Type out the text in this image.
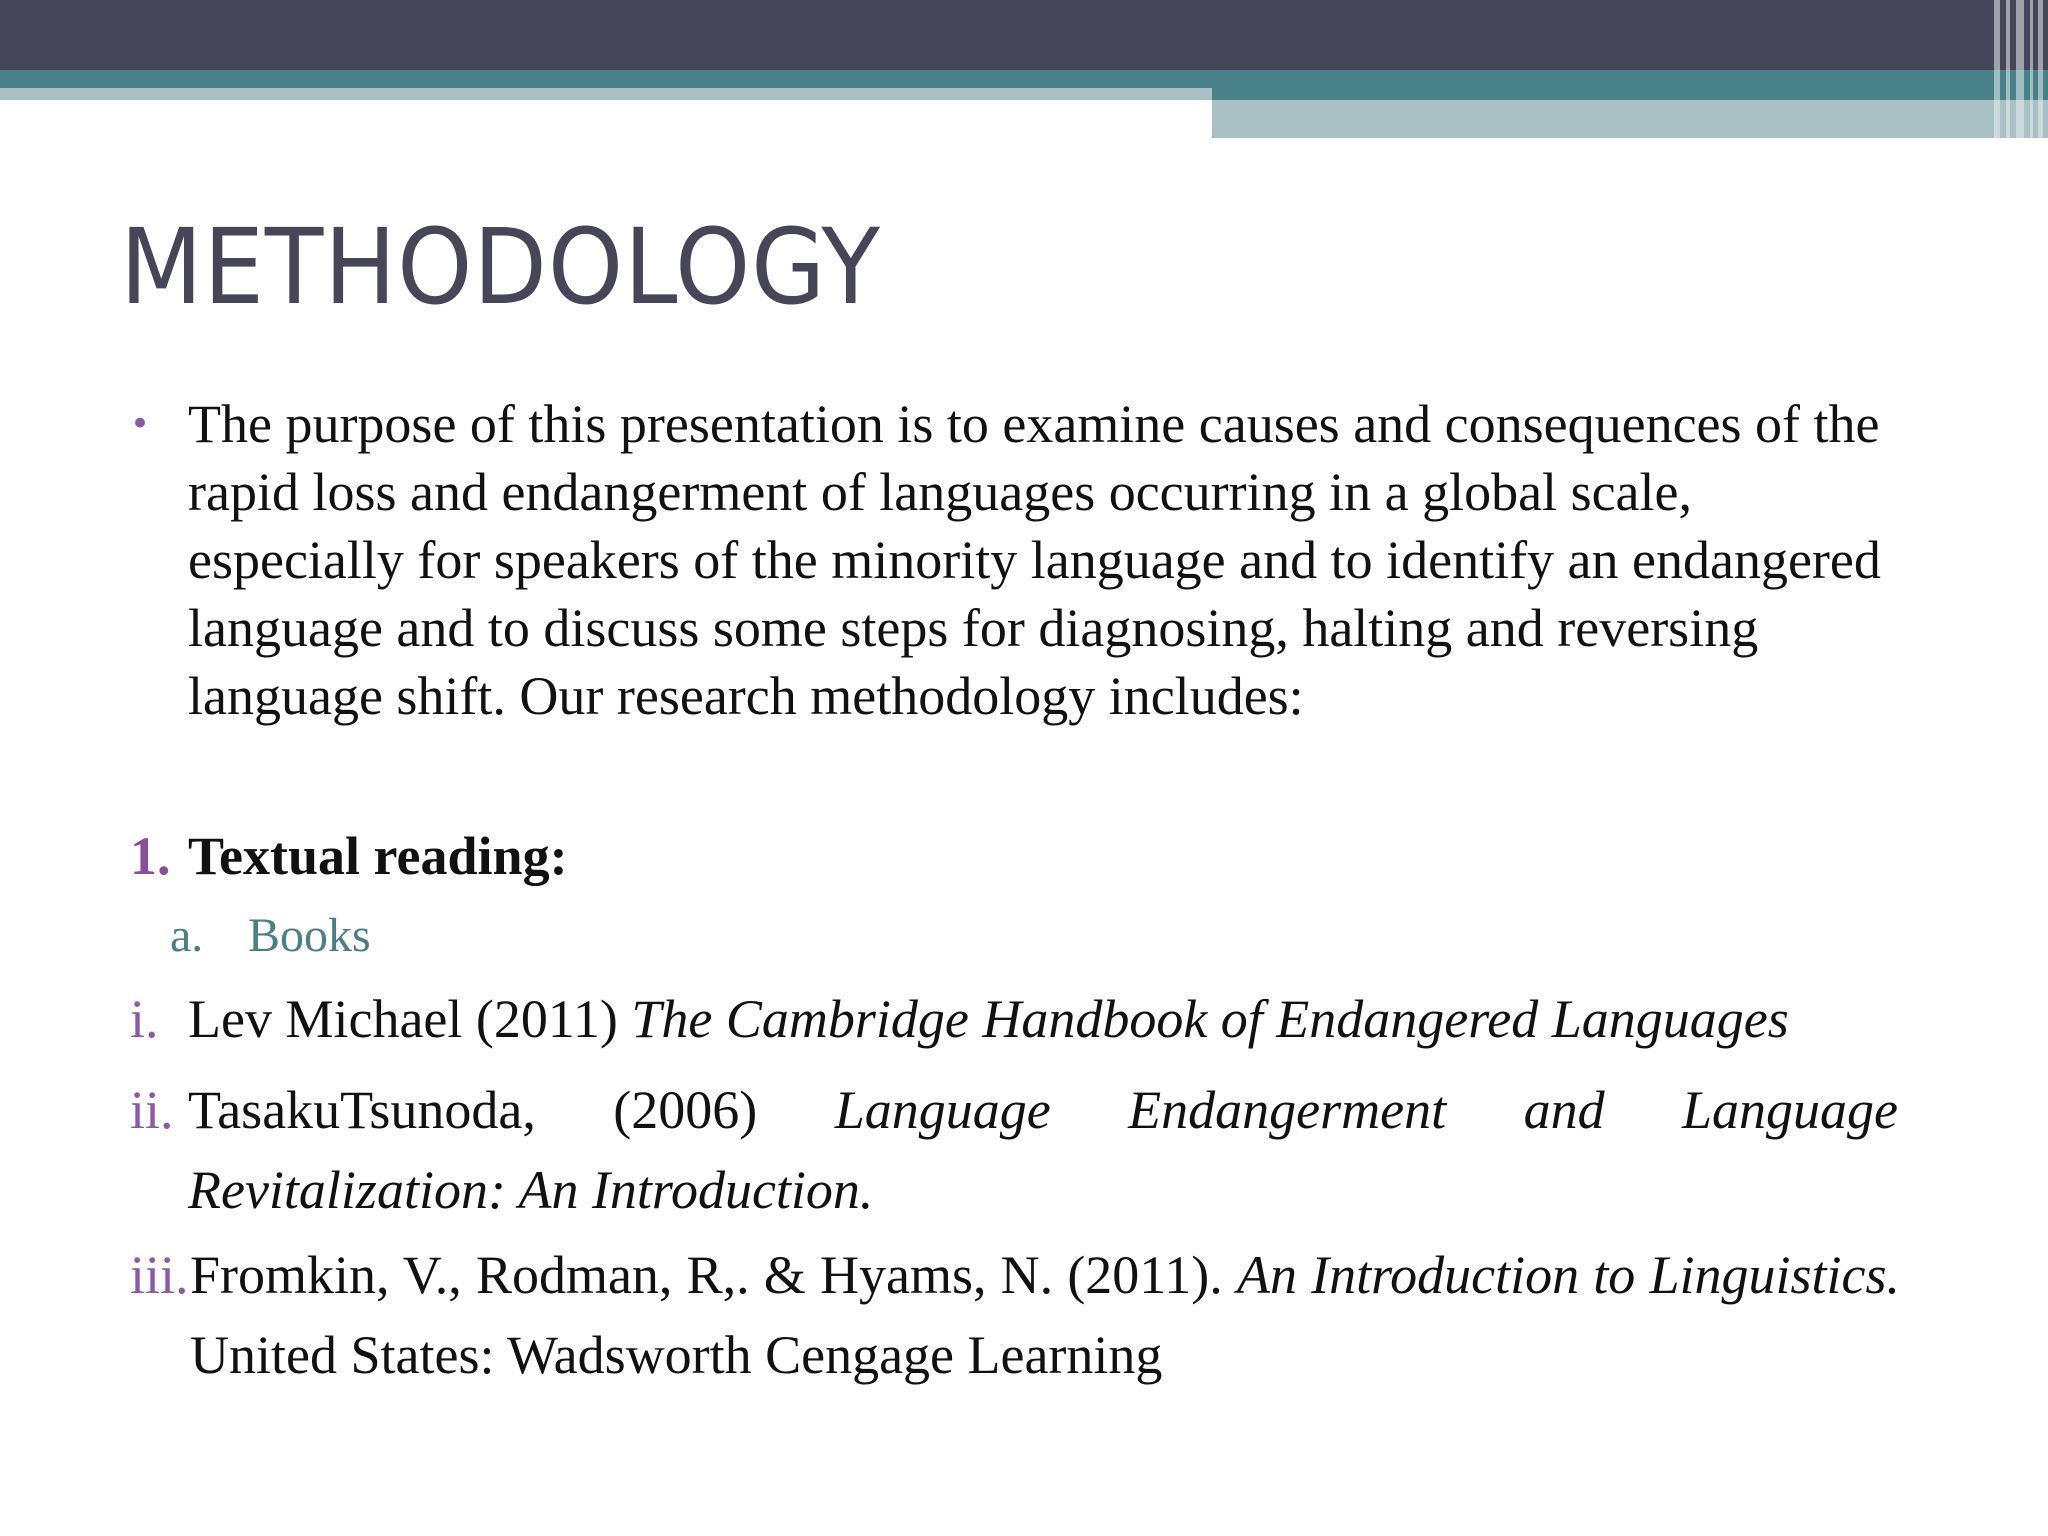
METHODOLOGY
• The purpose of this presentation is to examine causes and consequences of the rapid loss and endangerment of languages occurring in a global scale, especially for speakers of the minority language and to identify an endangered language and to discuss some steps for diagnosing, halting and reversing language shift. Our research methodology includes:

1. Textual reading:
a. Books
i. Lev Michael (2011) The Cambridge Handbook of Endangered Languages
ii. TasakuTsunoda, (2006) Language Endangerment and Language Revitalization: An Introduction.
iii. Fromkin, V., Rodman, R,. & Hyams, N. (2011). An Introduction to Linguistics. United States: Wadsworth Cengage Learning
